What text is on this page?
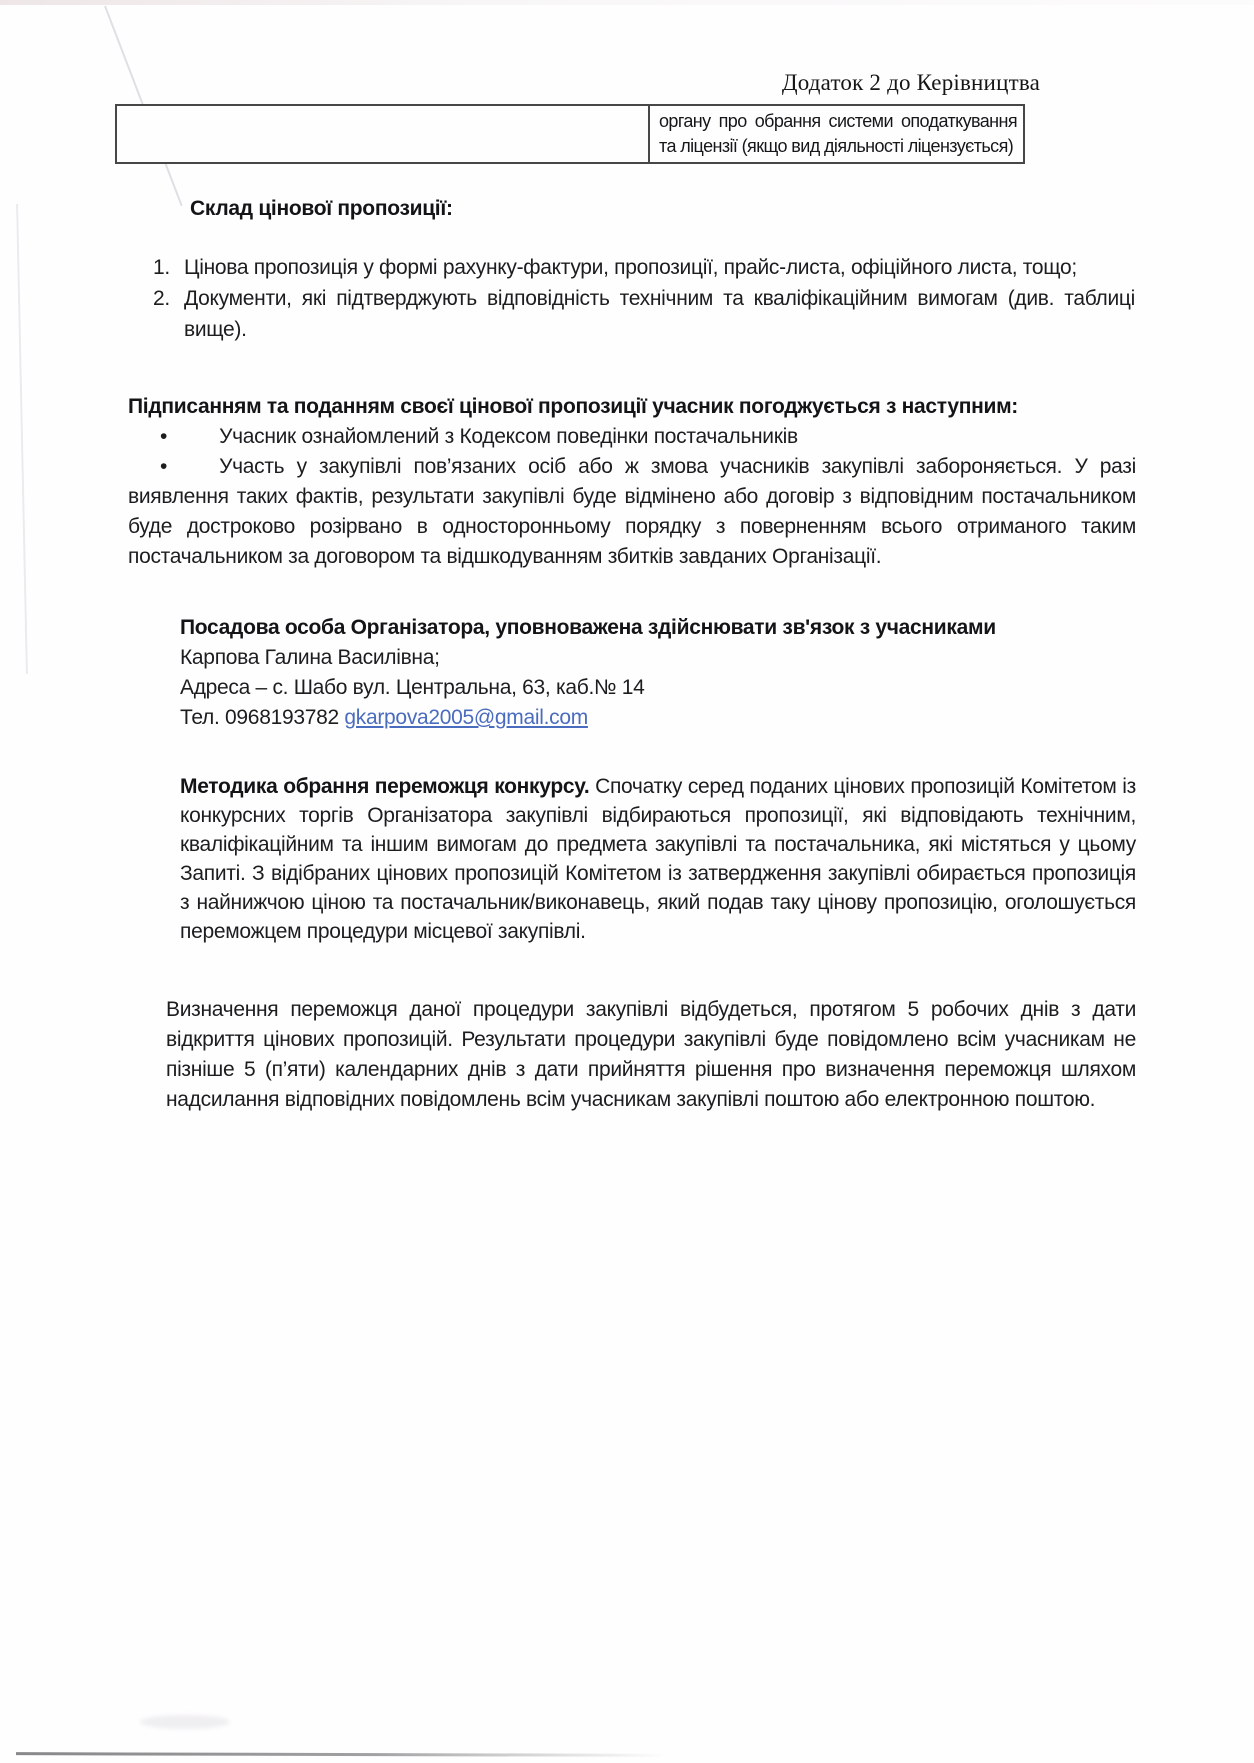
Додаток 2 до Керівництва
органу про обрання системи оподаткування та ліцензії (якщо вид діяльності ліцензується)
Склад цінової пропозиції:
1. Цінова пропозиція у формі рахунку-фактури, пропозиції, прайс-листа, офіційного листа, тощо;
2. Документи, які підтверджують відповідність технічним та кваліфікаційним вимогам (див. таблиці вище).
Підписанням та поданням своєї цінової пропозиції учасник погоджується з наступним:

• Учасник ознайомлений з Кодексом поведінки постачальників

• Участь у закупівлі пов’язаних осіб або ж змова учасників закупівлі забороняється. У разі виявлення таких фактів, результати закупівлі буде відмінено або договір з відповідним постачальником буде достроково розірвано в односторонньому порядку з поверненням всього отриманого таким постачальником за договором та відшкодуванням збитків завданих Організації.

Посадова особа Організатора, уповноважена здійснювати зв'язок з учасниками
Карпова Галина Василівна;
Адреса – с. Шабо вул. Центральна, 63, каб.№ 14
Тел. 0968193782 gkarpova2005@gmail.com

Методика обрання переможця конкурсу. Спочатку серед поданих цінових пропозицій Комітетом із конкурсних торгів Організатора закупівлі відбираються пропозиції, які відповідають технічним, кваліфікаційним та іншим вимогам до предмета закупівлі та постачальника, які містяться у цьому Запиті. З відібраних цінових пропозицій Комітетом із затвердження закупівлі обирається пропозиція з найнижчою ціною та постачальник/виконавець, який подав таку цінову пропозицію, оголошується переможцем процедури місцевої закупівлі.

Визначення переможця даної процедури закупівлі відбудеться, протягом 5 робочих днів з дати відкриття цінових пропозицій. Результати процедури закупівлі буде повідомлено всім учасникам не пізніше 5 (п’яти) календарних днів з дати прийняття рішення про визначення переможця шляхом надсилання відповідних повідомлень всім учасникам закупівлі поштою або електронною поштою.
